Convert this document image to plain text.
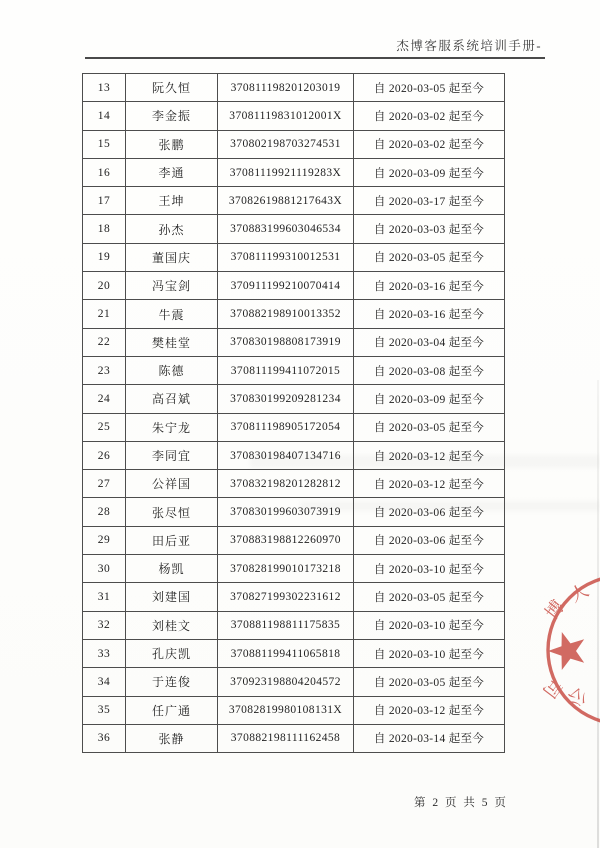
杰博客服系统培训手册-
13	阮久恒	370811198201203019	自 2020-03-05 起至今
14	李金振	37081119831012001X	自 2020-03-02 起至今
15	张鹏	370802198703274531	自 2020-03-02 起至今
16	李通	37081119921119283X	自 2020-03-09 起至今
17	王坤	37082619881217643X	自 2020-03-17 起至今
18	孙杰	370883199603046534	自 2020-03-03 起至今
19	董国庆	370811199310012531	自 2020-03-05 起至今
20	冯宝剑	370911199210070414	自 2020-03-16 起至今
21	牛震	370882198910013352	自 2020-03-16 起至今
22	樊桂堂	370830198808173919	自 2020-03-04 起至今
23	陈德	370811199411072015	自 2020-03-08 起至今
24	高召斌	370830199209281234	自 2020-03-09 起至今
25	朱宁龙	370811198905172054	自 2020-03-05 起至今
26	李同宜	370830198407134716	自 2020-03-12 起至今
27	公祥国	370832198201282812	自 2020-03-12 起至今
28	张尽恒	370830199603073919	自 2020-03-06 起至今
29	田后亚	370883198812260970	自 2020-03-06 起至今
30	杨凯	370828199010173218	自 2020-03-10 起至今
31	刘建国	370827199302231612	自 2020-03-05 起至今
32	刘桂文	370881198811175835	自 2020-03-10 起至今
33	孔庆凯	370881199411065818	自 2020-03-10 起至今
34	于连俊	370923198804204572	自 2020-03-05 起至今
35	任广通	37082819980108131X	自 2020-03-12 起至今
36	张静	370882198111162458	自 2020-03-14 起至今
第 2 页 共 5 页
博
人
司
公
